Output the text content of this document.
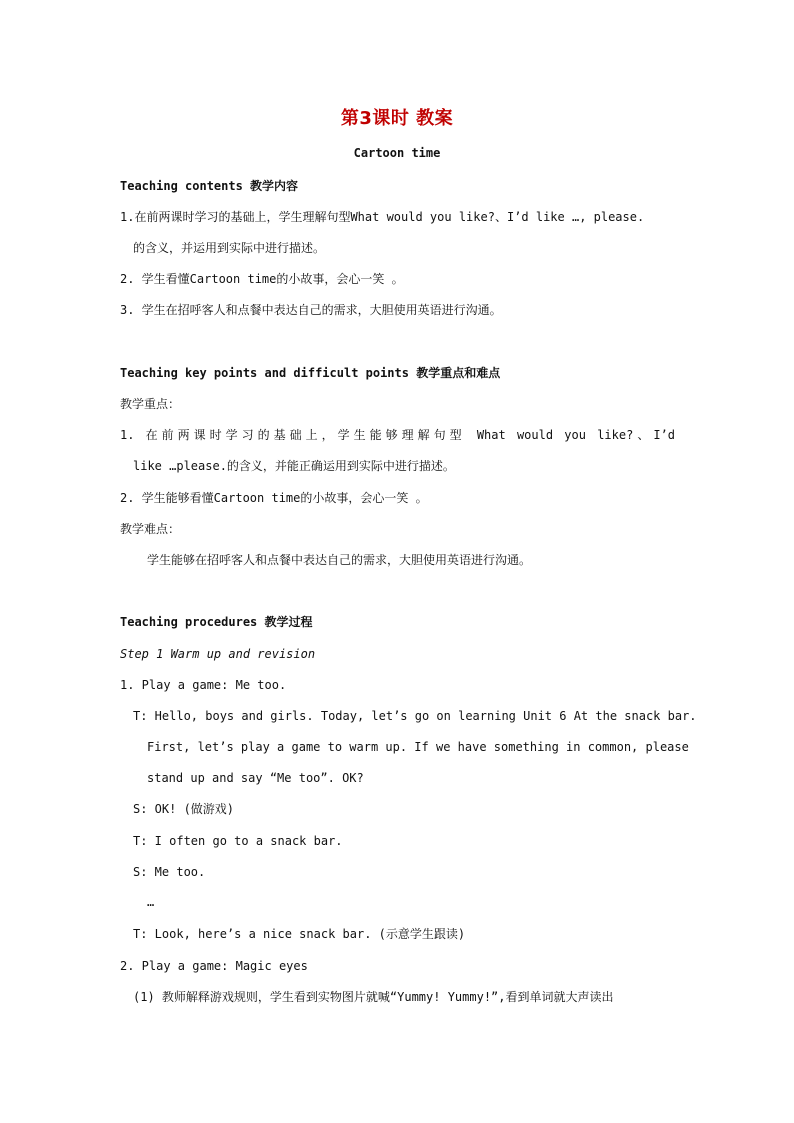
第3课时 教案
Cartoon time
Teaching contents 教学内容
1.在前两课时学习的基础上，学生理解句型What would you like?、I’d like …, please.
的含义，并运用到实际中进行描述。
2. 学生看懂Cartoon time的小故事，会心一笑 。
3. 学生在招呼客人和点餐中表达自己的需求，大胆使用英语进行沟通。
Teaching key points and difficult points 教学重点和难点
教学重点：
1. 在前两课时学习的基础上，学生能够理解句型 What would you like?、I’d
like …please.的含义，并能正确运用到实际中进行描述。
2. 学生能够看懂Cartoon time的小故事，会心一笑 。
教学难点：
学生能够在招呼客人和点餐中表达自己的需求，大胆使用英语进行沟通。
Teaching procedures 教学过程
Step 1 Warm up and revision
1. Play a game: Me too.
T: Hello, boys and girls. Today, let’s go on learning Unit 6 At the snack bar.
First, let’s play a game to warm up. If we have something in common, please
stand up and say “Me too”. OK?
S: OK! (做游戏)
T: I often go to a snack bar.
S: Me too.
…
T: Look, here’s a nice snack bar. (示意学生跟读)
2. Play a game: Magic eyes
(1) 教师解释游戏规则，学生看到实物图片就喊“Yummy! Yummy!”,看到单词就大声读出
